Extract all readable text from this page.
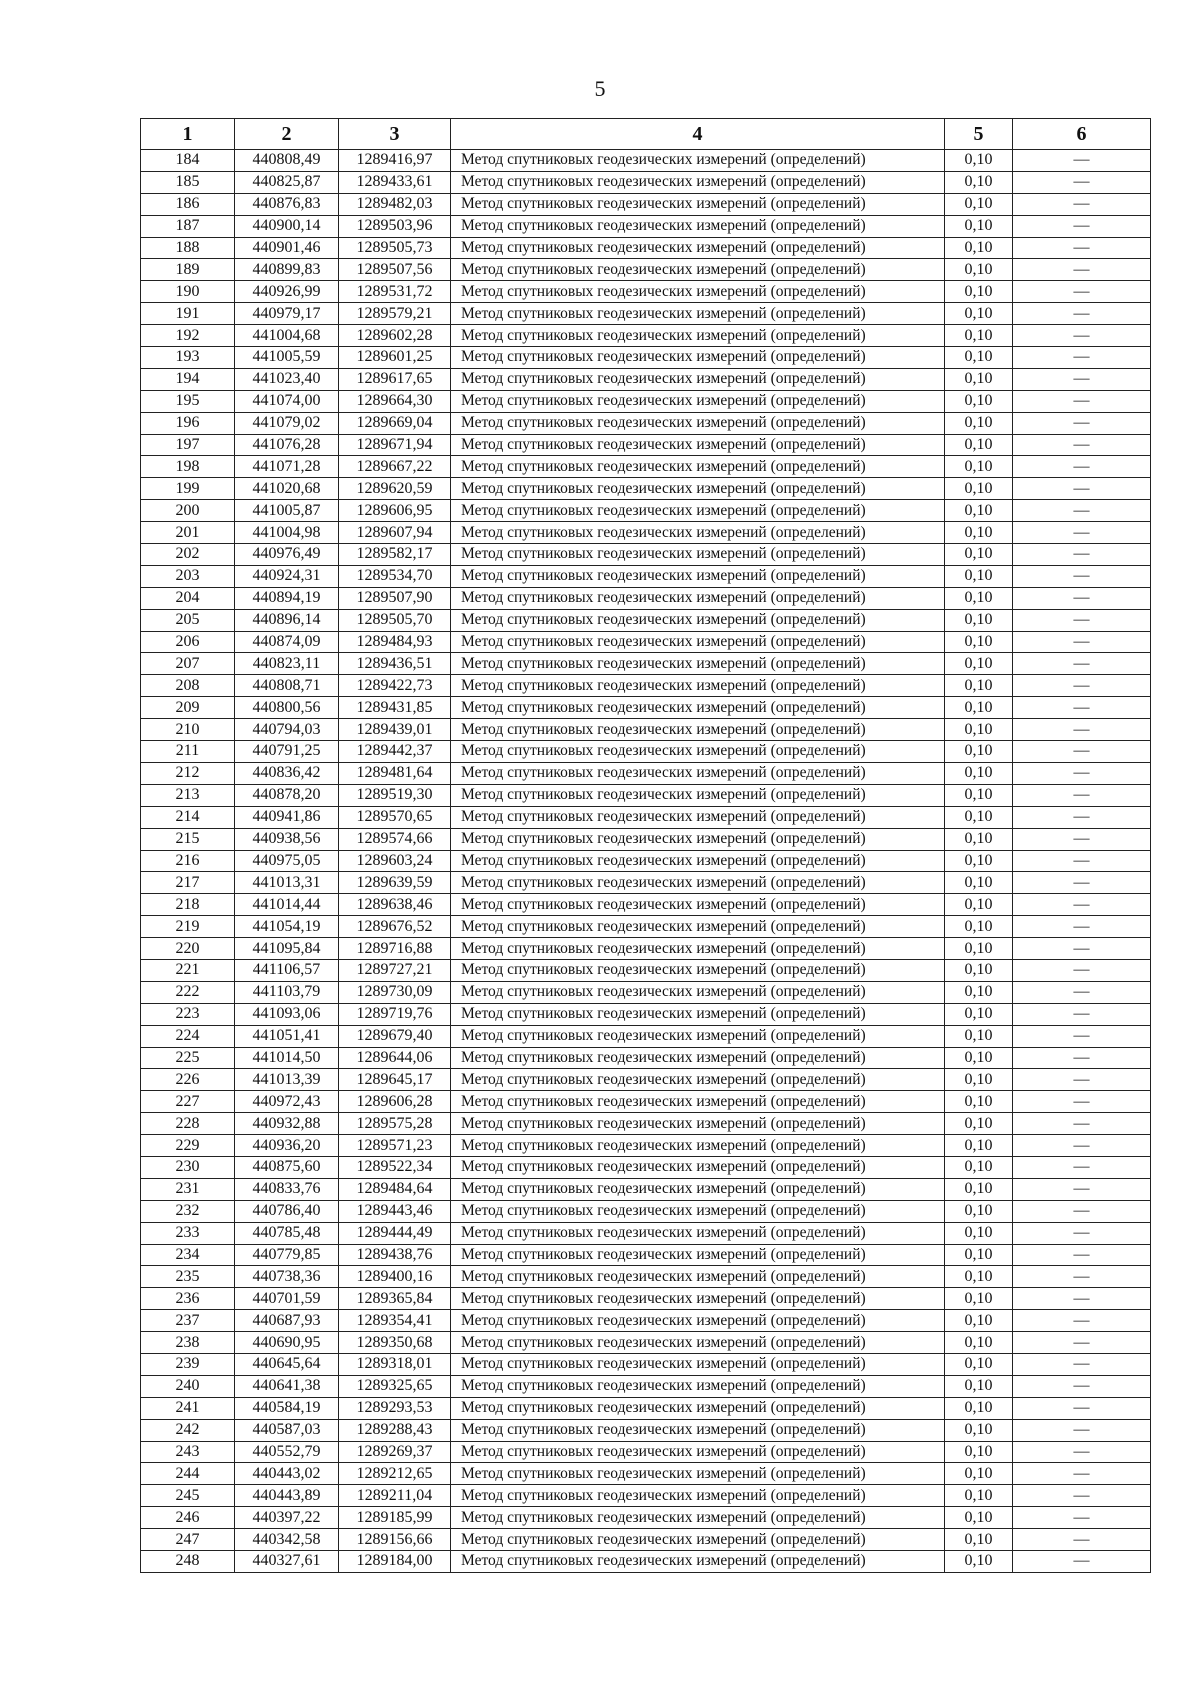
5
1	2	3	4	5	6
184	440808,49	1289416,97	Метод спутниковых геодезических измерений (определений)	0,10	—
185	440825,87	1289433,61	Метод спутниковых геодезических измерений (определений)	0,10	—
186	440876,83	1289482,03	Метод спутниковых геодезических измерений (определений)	0,10	—
187	440900,14	1289503,96	Метод спутниковых геодезических измерений (определений)	0,10	—
188	440901,46	1289505,73	Метод спутниковых геодезических измерений (определений)	0,10	—
189	440899,83	1289507,56	Метод спутниковых геодезических измерений (определений)	0,10	—
190	440926,99	1289531,72	Метод спутниковых геодезических измерений (определений)	0,10	—
191	440979,17	1289579,21	Метод спутниковых геодезических измерений (определений)	0,10	—
192	441004,68	1289602,28	Метод спутниковых геодезических измерений (определений)	0,10	—
193	441005,59	1289601,25	Метод спутниковых геодезических измерений (определений)	0,10	—
194	441023,40	1289617,65	Метод спутниковых геодезических измерений (определений)	0,10	—
195	441074,00	1289664,30	Метод спутниковых геодезических измерений (определений)	0,10	—
196	441079,02	1289669,04	Метод спутниковых геодезических измерений (определений)	0,10	—
197	441076,28	1289671,94	Метод спутниковых геодезических измерений (определений)	0,10	—
198	441071,28	1289667,22	Метод спутниковых геодезических измерений (определений)	0,10	—
199	441020,68	1289620,59	Метод спутниковых геодезических измерений (определений)	0,10	—
200	441005,87	1289606,95	Метод спутниковых геодезических измерений (определений)	0,10	—
201	441004,98	1289607,94	Метод спутниковых геодезических измерений (определений)	0,10	—
202	440976,49	1289582,17	Метод спутниковых геодезических измерений (определений)	0,10	—
203	440924,31	1289534,70	Метод спутниковых геодезических измерений (определений)	0,10	—
204	440894,19	1289507,90	Метод спутниковых геодезических измерений (определений)	0,10	—
205	440896,14	1289505,70	Метод спутниковых геодезических измерений (определений)	0,10	—
206	440874,09	1289484,93	Метод спутниковых геодезических измерений (определений)	0,10	—
207	440823,11	1289436,51	Метод спутниковых геодезических измерений (определений)	0,10	—
208	440808,71	1289422,73	Метод спутниковых геодезических измерений (определений)	0,10	—
209	440800,56	1289431,85	Метод спутниковых геодезических измерений (определений)	0,10	—
210	440794,03	1289439,01	Метод спутниковых геодезических измерений (определений)	0,10	—
211	440791,25	1289442,37	Метод спутниковых геодезических измерений (определений)	0,10	—
212	440836,42	1289481,64	Метод спутниковых геодезических измерений (определений)	0,10	—
213	440878,20	1289519,30	Метод спутниковых геодезических измерений (определений)	0,10	—
214	440941,86	1289570,65	Метод спутниковых геодезических измерений (определений)	0,10	—
215	440938,56	1289574,66	Метод спутниковых геодезических измерений (определений)	0,10	—
216	440975,05	1289603,24	Метод спутниковых геодезических измерений (определений)	0,10	—
217	441013,31	1289639,59	Метод спутниковых геодезических измерений (определений)	0,10	—
218	441014,44	1289638,46	Метод спутниковых геодезических измерений (определений)	0,10	—
219	441054,19	1289676,52	Метод спутниковых геодезических измерений (определений)	0,10	—
220	441095,84	1289716,88	Метод спутниковых геодезических измерений (определений)	0,10	—
221	441106,57	1289727,21	Метод спутниковых геодезических измерений (определений)	0,10	—
222	441103,79	1289730,09	Метод спутниковых геодезических измерений (определений)	0,10	—
223	441093,06	1289719,76	Метод спутниковых геодезических измерений (определений)	0,10	—
224	441051,41	1289679,40	Метод спутниковых геодезических измерений (определений)	0,10	—
225	441014,50	1289644,06	Метод спутниковых геодезических измерений (определений)	0,10	—
226	441013,39	1289645,17	Метод спутниковых геодезических измерений (определений)	0,10	—
227	440972,43	1289606,28	Метод спутниковых геодезических измерений (определений)	0,10	—
228	440932,88	1289575,28	Метод спутниковых геодезических измерений (определений)	0,10	—
229	440936,20	1289571,23	Метод спутниковых геодезических измерений (определений)	0,10	—
230	440875,60	1289522,34	Метод спутниковых геодезических измерений (определений)	0,10	—
231	440833,76	1289484,64	Метод спутниковых геодезических измерений (определений)	0,10	—
232	440786,40	1289443,46	Метод спутниковых геодезических измерений (определений)	0,10	—
233	440785,48	1289444,49	Метод спутниковых геодезических измерений (определений)	0,10	—
234	440779,85	1289438,76	Метод спутниковых геодезических измерений (определений)	0,10	—
235	440738,36	1289400,16	Метод спутниковых геодезических измерений (определений)	0,10	—
236	440701,59	1289365,84	Метод спутниковых геодезических измерений (определений)	0,10	—
237	440687,93	1289354,41	Метод спутниковых геодезических измерений (определений)	0,10	—
238	440690,95	1289350,68	Метод спутниковых геодезических измерений (определений)	0,10	—
239	440645,64	1289318,01	Метод спутниковых геодезических измерений (определений)	0,10	—
240	440641,38	1289325,65	Метод спутниковых геодезических измерений (определений)	0,10	—
241	440584,19	1289293,53	Метод спутниковых геодезических измерений (определений)	0,10	—
242	440587,03	1289288,43	Метод спутниковых геодезических измерений (определений)	0,10	—
243	440552,79	1289269,37	Метод спутниковых геодезических измерений (определений)	0,10	—
244	440443,02	1289212,65	Метод спутниковых геодезических измерений (определений)	0,10	—
245	440443,89	1289211,04	Метод спутниковых геодезических измерений (определений)	0,10	—
246	440397,22	1289185,99	Метод спутниковых геодезических измерений (определений)	0,10	—
247	440342,58	1289156,66	Метод спутниковых геодезических измерений (определений)	0,10	—
248	440327,61	1289184,00	Метод спутниковых геодезических измерений (определений)	0,10	—
